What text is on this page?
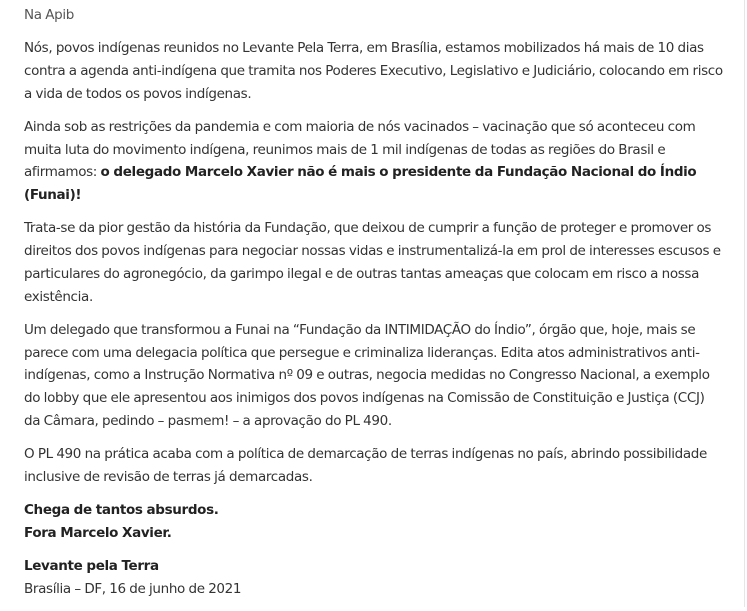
Na Apib

Nós, povos indígenas reunidos no Levante Pela Terra, em Brasília, estamos mobilizados há mais de 10 dias contra a agenda anti-indígena que tramita nos Poderes Executivo, Legislativo e Judiciário, colocando em risco a vida de todos os povos indígenas.

Ainda sob as restrições da pandemia e com maioria de nós vacinados – vacinação que só aconteceu com muita luta do movimento indígena, reunimos mais de 1 mil indígenas de todas as regiões do Brasil e afirmamos: o delegado Marcelo Xavier não é mais o presidente da Fundação Nacional do Índio (Funai)!

Trata-se da pior gestão da história da Fundação, que deixou de cumprir a função de proteger e promover os direitos dos povos indígenas para negociar nossas vidas e instrumentalizá-la em prol de interesses escusos e particulares do agronegócio, da garimpo ilegal e de outras tantas ameaças que colocam em risco a nossa existência.

Um delegado que transformou a Funai na “Fundação da INTIMIDAÇÃO do Índio”, órgão que, hoje, mais se parece com uma delegacia política que persegue e criminaliza lideranças. Edita atos administrativos anti-indígenas, como a Instrução Normativa nº 09 e outras, negocia medidas no Congresso Nacional, a exemplo do lobby que ele apresentou aos inimigos dos povos indígenas na Comissão de Constituição e Justiça (CCJ) da Câmara, pedindo – pasmem! – a aprovação do PL 490.

O PL 490 na prática acaba com a política de demarcação de terras indígenas no país, abrindo possibilidade inclusive de revisão de terras já demarcadas.

Chega de tantos absurdos.
Fora Marcelo Xavier.

Levante pela Terra
Brasília – DF, 16 de junho de 2021
